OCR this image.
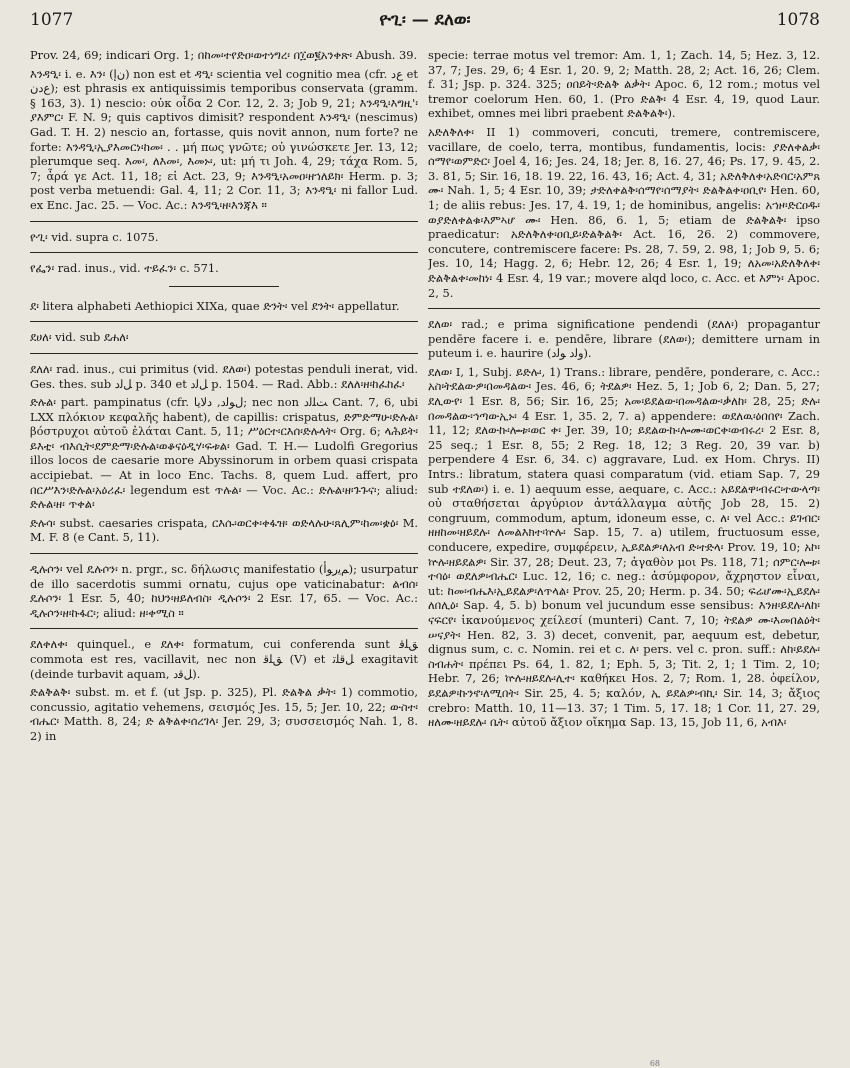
1077	ዮጊ፡ — ደለወ፡	1078

Prov. 24, 69; indicari Org. 1; በከመ፡ተየድዐ፡ወተነግረ፡ በ፲ወ፪አንቀጽ፡ Abush. 39.

እንዳዒ፡ i. e. እን፡ (ﻥﺇ) non est et ዳዒ፡ scientia vel cognitio mea (cfr. ﻉﺩ et ﻉﺩﻥ); est phrasis ex antiquissimis temporibus conservata (gramm. § 163, 3). 1) nescio: οὐκ οἶδα 2 Cor. 12, 2. 3; Job 9, 21; እንዳዒ፡እግዚ'፡ያእምር፡ F. N. 9; quis captivos dimisit? respondent እንዳዒ፡ (nescimus) Gad. T. H. 2) nescio an, fortasse, quis novit annon, num forte? ne forte: እንዳዒ፡ኢያእመርነ፡ከመ፡ . . μή πως γνῶτε; οὐ γινώσκετε Jer. 13, 12; plerumque seq. እመ፡, ለእመ፡, እመኑ፡, ut: μή τι Joh. 4, 29; τάχα Rom. 5, 7; ἆρά γε Act. 11, 18; εἰ Act. 23, 9; እንዳዒ፡አመዐ፡ዘኀለይክ፡ Herm. p. 3; post verba metuendi: Gal. 4, 11; 2 Cor. 11, 3; እንዳዒ፡ ni fallor Lud. ex Enc. Jac. 25. — Voc. Ac.: እንዳዒ፡ዘ፡እንጃእ ።

ዮጊ፡ vid. supra c. 1075.

የፌን፡ rad. inus., vid. ተይፈን፡ c. 571.

ደ፡ litera alphabeti Aethiopici XIXa, quae ድንት፡ vel ደንት፡ appellatur.

ደሀለ፡ vid. sub ደሐለ፡

ደለለ፡ rad. inus., cui primitus (vid. ደለወ፡) potestas penduli inerat, vid. Ges. thes. sub ﻞﻟﺩ p. 340 et ﻞﻟﺩ p. 1504. — Rad. Abb.: ደለለ፡ዘ፡ከፈከፈ፡

ድሉል፡ part. pampinatus (cfr. ﻝﻮﻟﺩ, ﺩﻻﻳﺎ; nec non ﺖﻠﻟﺩ Cant. 7, 6, ubi LXX πλόκιον κεφαλῆς habent), de capillis: crispatus, ድምድማሁ፡ድሉል፡ βόστρυχοι αὐτοῦ ἐλάται Cant. 5, 11; ሥዕርተ፡ርእሰ፡ድሉላት፡ Org. 6; ላሕይት፡ይእቲ፡ ብእሲት፡ደምድማ፡ድሉል፡ወቆናዕዲሃ፡ፍቱል፡ Gad. T. H.— Ludolfi Gregorius illos locos de caesarie more Abyssinorum in orbem quasi crispata accipiebat. — At in loco Enc. Tachs. 8, quem Lud. affert, pro በርሥእን፡ድሉል፡አዕሪፈ፡ legendum est ጥሉል፡ — Voc. Ac.: ድሉል፡ዘ፡ጉጉና፡; aliud: ድሉል፡ዘ፡ ጥቀል፡

ድሉሳ፡ subst. caesaries crispata, ርእሱ፡ወርቀ፡ቀፋዝ፡ ወድላሉሁ፡ጸሊም፡ከመ፡ቋዕ፡ M. M. F. 8 (e Cant. 5, 11).

ዲሉሶን፡ vel ዴሉሶን፡ n. prgr., sc. δήλωσις manifestatio (ﻢﻳﺭﻮﺃ); usurpatur de illo sacerdotis summi ornatu, cujus ope vaticinabatur: ልብሰ፡ዴሉሶን፡ 1 Esr. 5, 40; ከህን፡ዘይለብስ፡ ዲሉሶን፡ 2 Esr. 17, 65. — Voc. Ac.: ዲሉሶን፡ዘ፡ኩፋር፡; aliud: ዘ፡ቀሚስ ።

ደለቀለቀ፡ quinquel., e ደለቀ፡ formatum, cui conferenda sunt ﻖﻠﻗ commota est res, vacillavit, nec non ﻖﻠﻗ (V) et ﻞﻗﻠﺗ exagitavit (deinde turbavit aquam, ﻞﻗﺩ).

ድልቅልቅ፡ subst. m. et f. (ut Jsp. p. 325), Pl. ድልቅል ቃት፡ 1) commotio, concussio, agitatio vehemens, σεισμός Jes. 15, 5; Jer. 10, 22; ውስተ፡ብሔር፡ Matth. 8, 24; ድ ልቅልቀ፡ሰረገላ፡ Jer. 29, 3; συσσεισμός Nah. 1, 8. 2) in

specie: terrae motus vel tremor: Am. 1, 1; Zach. 14, 5; Hez. 3, 12. 37, 7; Jes. 29, 6; 4 Esr. 1, 20. 9, 2; Matth. 28, 2; Act. 16, 26; Clem. f. 31; Jsp. p. 324. 325; ዐበይት፡ድልቅ ልቃት፡ Apoc. 6, 12 rom.; motus vel tremor coelorum Hen. 60, 1. (Pro ድልቅ፡ 4 Esr. 4, 19, quod Laur. exhibet, omnes mei libri praebent ድልቅልቅ፡).

አድለቅለቀ፡ II 1) commoveri, concuti, tremere, contremiscere, vacillare, de coelo, terra, montibus, fundamentis, locis: ያድለቀልቃ፡ሰማየ፡ወምድር፡ Joel 4, 16; Jes. 24, 18; Jer. 8, 16. 27, 46; Ps. 17, 9. 45, 2. 3. 81, 5; Sir. 16, 18. 19. 22, 16. 43, 16; Act. 4, 31; አድለቅለቀ፡አድባር፡አምጸ ሙ፡ Nah. 1, 5; 4 Esr. 10, 39; ታድለቀልቅ፡ሰማየ፡ሰማያት፡ ድልቅልቀ፡ዐቢየ፡ Hen. 60, 1; de aliis rebus: Jes. 17, 4. 19, 1; de hominibus, angelis: አኀዞ፡ድርዐዱ፡ወያድለቀልቁ፡እምኣሆ ሙ፡ Hen. 86, 6. 1, 5; etiam de ድልቅልቅ፡ ipso praedicatur: አድለቅለቀ፡ዐቢይ፡ድልቅልቅ፡ Act. 16, 26. 2) commovere, concutere, contremiscere facere: Ps. 28, 7. 59, 2. 98, 1; Job 9, 5. 6; Jes. 10, 14; Hagg. 2, 6; Hebr. 12, 26; 4 Esr. 1, 19; ለአመ፡አድለቅለቀ፡ድልቅልቀ፡መከነ፡ 4 Esr. 4, 19 var.; movere alqd loco, c. Acc. et እምነ፡ Apoc. 2, 5.

ደለወ፡ rad.; e prima significatione pendendi (ደለለ፡) propagantur pendēre facere i. e. pendēre, librare (ደለወ፡); demittere urnam in puteum i. e. haurire (ﻭﻟﺩ ﻮﻟﺩ).

ደለወ፡ I, 1, Subj. ይድሉ፡, 1) Trans.: librare, pendēre, ponderare, c. Acc.: አስ፡ትደልውዎ፡በመዳልው፡ Jes. 46, 6; ትደልዎ፡ Hez. 5, 1; Job 6, 2; Dan. 5, 27; ደሊውየ፡ 1 Esr. 8, 56; Sir. 16, 25; አመ፡ይደልው፡በመዳልው፡ቃለከ፡ 28, 25; ድሉ፡በመዳልው፡ኅጣውኢኑ፡ 4 Esr. 1, 35. 2, 7. a) appendere: ወደለዉ፡ዕበበየ፡ Zach. 11, 12; ደለውኩ፡ሎቱ፡ወር ቀ፡ Jer. 39, 10; ይደልውኩ፡ሎሙ፡ወርቀ፡ወብሩረ፡ 2 Esr. 8, 25 seq.; 1 Esr. 8, 55; 2 Reg. 18, 12; 3 Reg. 20, 39 var. b) perpendere 4 Esr. 6, 34. c) aggravare, Lud. ex Hom. Chrys. II) Intrs.: libratum, statera quasi comparatum (vid. etiam Sap. 7, 29 sub ተደለወ፡) i. e. 1) aequum esse, aequare, c. Acc.: አይደልዋ፡ብሩር፡ተውላጣ፡ οὐ σταθήσεται ἀργύριον ἀντάλλαγμα αὐτῆς Job 28, 15. 2) congruum, commodum, aptum, idoneum esse, c. ለ፡ vel Acc.: ይገብር፡ዘዘከመ፡ዘይደሉ፡ ለመልእክተ፡ኵሉ፡ Sap. 15, 7. a) utilem, fructuosum esse, conducere, expedire, συμφέρειν, ኢይደልዎ፡ለአብ ድ፡ተድላ፡ Prov. 19, 10; አኮ፡ኵሉ፡ዘይደልዎ፡ Sir. 37, 28; Deut. 23, 7; ἀγαθὸν μοι Ps. 118, 71; ሰምር፡ሎቱ፡ተባዕ፡ ወደለዎ፡ብሔር፡ Luc. 12, 16; c. neg.: ἀσύμφορον, ἄχρηστον εἶναι, ut: ከመ፡ብሔእ፡ኢይደልዎ፡ለጥላል፡ Prov. 25, 20; Herm. p. 34. 50; ፍሬሆሙ፡ኢይደሉ፡ለበሊዕ፡ Sap. 4, 5. b) bonum vel jucundum esse sensibus: እንዘ፡ይደሉ፡ለከ፡ ናፍርየ፡ ἱκανούμενος χείλεσί (munteri) Cant. 7, 10; ትደልዎ ሙ፡እመበልዕት፡ሠናያት፡ Hen. 82, 3. 3) decet, convenit, par, aequum est, debetur, dignus sum, c. c. Nomin. rei et c. ለ፡ pers. vel c. pron. suff.: ለከ፡ይደሉ፡ስብሐት፡ πρέπει Ps. 64, 1. 82, 1; Eph. 5, 3; Tit. 2, 1; 1 Tim. 2, 10; Hebr. 7, 26; ኵሉ፡ዘይደሉ፡ሊተ፡ καθήκει Hos. 2, 7; Rom. 1, 28. ὀφείλον, ይደልዎ፡ኩንኖ፡ለሚበት፡ Sir. 25, 4. 5; καλόν, ኢ ይደልዎ፡ብኪ፡ Sir. 14, 3; ἄξιος crebro: Matth. 10, 11—13. 37; 1 Tim. 5, 17. 18; 1 Cor. 11, 27. 29, ዘለሙ፡ዘይደሉ፡ ቤት፡ αὐτοῦ ἄξιον οἴκημα Sap. 13, 15, Job 11, 6, አብእ፡

68
